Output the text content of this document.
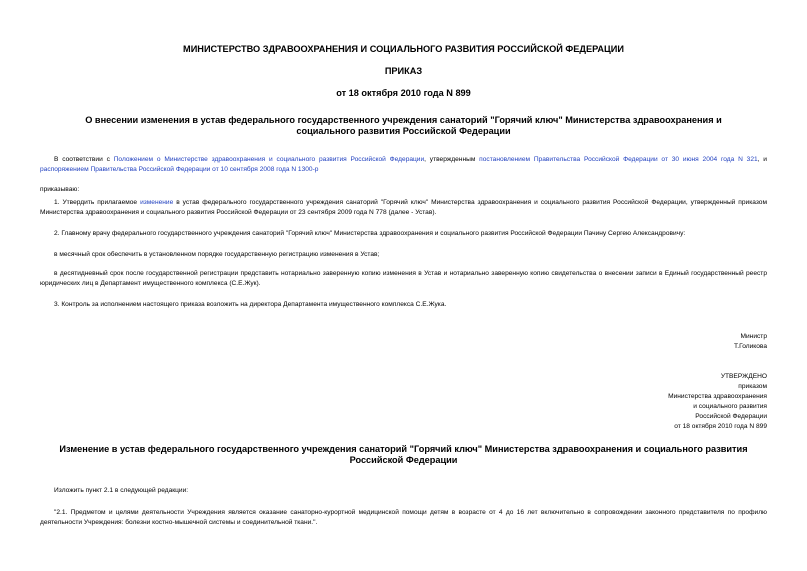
МИНИСТЕРСТВО ЗДРАВООХРАНЕНИЯ И СОЦИАЛЬНОГО РАЗВИТИЯ РОССИЙСКОЙ ФЕДЕРАЦИИ
ПРИКАЗ
от 18 октября 2010 года N 899
О внесении изменения в устав федерального государственного учреждения санаторий "Горячий ключ" Министерства здравоохранения и социального развития Российской Федерации
В соответствии с Положением о Министерстве здравоохранения и социального развития Российской Федерации, утвержденным постановлением Правительства Российской Федерации от 30 июня 2004 года N 321, и распоряжением Правительства Российской Федерации от 10 сентября 2008 года N 1300-р
приказываю:
1. Утвердить прилагаемое изменение в устав федерального государственного учреждения санаторий "Горячий ключ" Министерства здравоохранения и социального развития Российской Федерации, утвержденный приказом Министерства здравоохранения и социального развития Российской Федерации от 23 сентября 2009 года N 778 (далее - Устав).
2. Главному врачу федерального государственного учреждения санаторий "Горячий ключ" Министерства здравоохранения и социального развития Российской Федерации Пачину Сергею Александровичу:
в месячный срок обеспечить в установленном порядке государственную регистрацию изменения в Устав;
в десятидневный срок после государственной регистрации представить нотариально заверенную копию изменения в Устав и нотариально заверенную копию свидетельства о внесении записи в Единый государственный реестр юридических лиц в Департамент имущественного комплекса (С.Е.Жук).
3. Контроль за исполнением настоящего приказа возложить на директора Департамента имущественного комплекса С.Е.Жука.
Министр
Т.Голикова
УТВЕРЖДЕНО
приказом
Министерства здравоохранения
и социального развития
Российской Федерации
от 18 октября 2010 года N 899
Изменение в устав федерального государственного учреждения санаторий "Горячий ключ" Министерства здравоохранения и социального развития Российской Федерации
Изложить пункт 2.1 в следующей редакции:
"2.1. Предметом и целями деятельности Учреждения является оказание санаторно-курортной медицинской помощи детям в возрасте от 4 до 16 лет включительно в сопровождении законного представителя по профилю деятельности Учреждения: болезни костно-мышечной системы и соединительной ткани.".
